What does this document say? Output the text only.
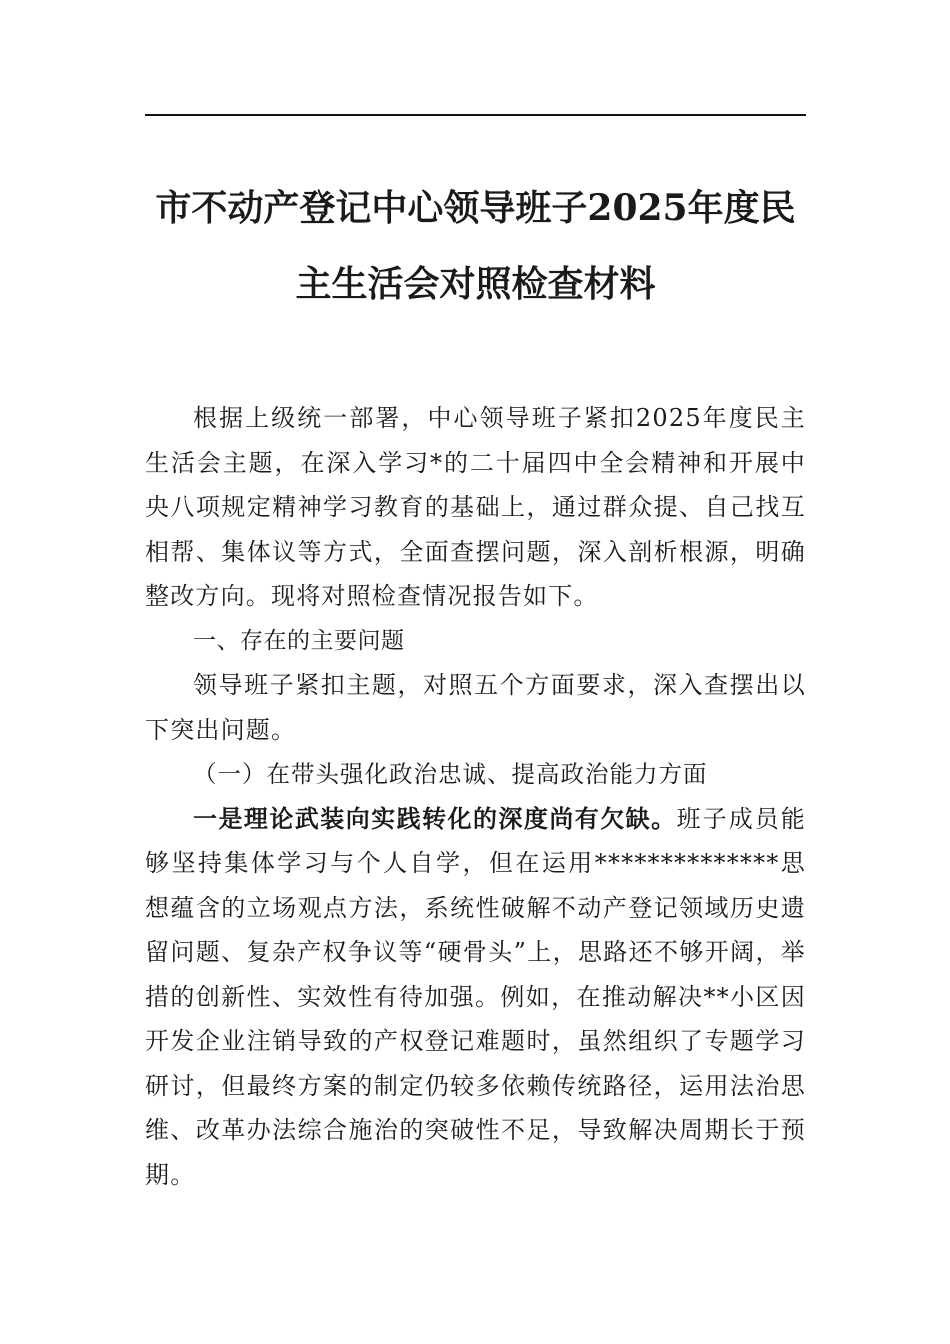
市不动产登记中心领导班子2025年度民主生活会对照检查材料

根据上级统一部署，中心领导班子紧扣2025年度民主生活会主题，在深入学习*的二十届四中全会精神和开展中央八项规定精神学习教育的基础上，通过群众提、自己找互相帮、集体议等方式，全面查摆问题，深入剖析根源，明确整改方向。现将对照检查情况报告如下。

一、存在的主要问题

领导班子紧扣主题，对照五个方面要求，深入查摆出以下突出问题。

（一）在带头强化政治忠诚、提高政治能力方面

一是理论武装向实践转化的深度尚有欠缺。班子成员能够坚持集体学习与个人自学，但在运用**************思想蕴含的立场观点方法，系统性破解不动产登记领域历史遗留问题、复杂产权争议等“硬骨头”上，思路还不够开阔，举措的创新性、实效性有待加强。例如，在推动解决**小区因开发企业注销导致的产权登记难题时，虽然组织了专题学习研讨，但最终方案的制定仍较多依赖传统路径，运用法治思维、改革办法综合施治的突破性不足，导致解决周期长于预期。
